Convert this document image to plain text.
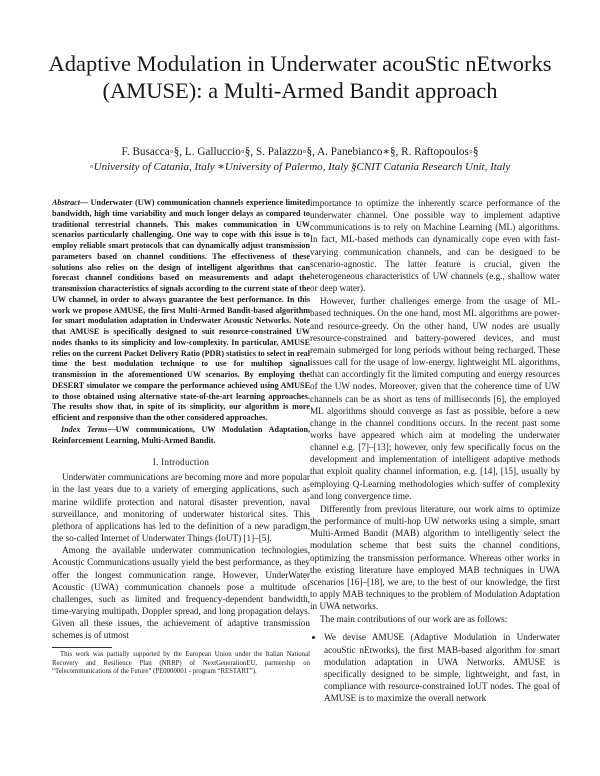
Adaptive Modulation in Underwater acouStic nEtworks (AMUSE): a Multi-Armed Bandit approach
F. Busacca◦§, L. Galluccio◦§, S. Palazzo◦§, A. Panebianco∗§, R. Raftopoulos◦§
◦University of Catania, Italy ∗University of Palermo, Italy §CNIT Catania Research Unit, Italy

Abstract— Underwater (UW) communication channels experience limited bandwidth, high time variability and much longer delays as compared to traditional terrestrial channels. This makes communication in UW scenarios particularly challenging. One way to cope with this issue is to employ reliable smart protocols that can dynamically adjust transmission parameters based on channel conditions. The effectiveness of these solutions also relies on the design of intelligent algorithms that can forecast channel conditions based on measurements and adapt the transmission characteristics of signals according to the current state of the UW channel, in order to always guarantee the best performance. In this work we propose AMUSE, the first Multi-Armed Bandit-based algorithm for smart modulation adaptation in Underwater Acoustic Networks. Note that AMUSE is specifically designed to suit resource-constrained UW nodes thanks to its simplicity and low-complexity. In particular, AMUSE relies on the current Packet Delivery Ratio (PDR) statistics to select in real time the best modulation technique to use for multihop signal transmission in the aforementioned UW scenarios. By employing the DESERT simulator we compare the performance achieved using AMUSE to those obtained using alternative state-of-the-art learning approaches. The results show that, in spite of its simplicity, our algorithm is more efficient and responsive than the other considered approaches.

Index Terms—UW communications, UW Modulation Adaptation, Reinforcement Learning, Multi-Armed Bandit.

I. Introduction

Underwater communications are becoming more and more popular in the last years due to a variety of emerging applications, such as marine wildlife protection and natural disaster prevention, naval surveillance, and monitoring of underwater historical sites. This plethora of applications has led to the definition of a new paradigm, the so-called Internet of Underwater Things (IoUT) [1]–[5].

Among the available underwater communication technologies, Acoustic Communications usually yield the best performance, as they offer the longest communication range. However, UnderWater Acoustic (UWA) communication channels pose a multitude of challenges, such as limited and frequency-dependent bandwidth, time-varying multipath, Doppler spread, and long propagation delays. Given all these issues, the achievement of adaptive transmission schemes is of utmost

This work was partially supported by the European Union under the Italian National Recovery and Resilience Plan (NRRP) of NextGenerationEU, partnership on “Telecommunications of the Future” (PE0000001 - program “RESTART”).

importance to optimize the inherently scarce performance of the underwater channel. One possible way to implement adaptive communications is to rely on Machine Learning (ML) algorithms. In fact, ML-based methods can dynamically cope even with fast-varying communication channels, and can be designed to be scenario-agnostic. The latter feature is crucial, given the heterogeneous characteristics of UW channels (e.g., shallow water or deep water).

However, further challenges emerge from the usage of ML-based techniques. On the one hand, most ML algorithms are power-and resource-greedy. On the other hand, UW nodes are usually resource-constrained and battery-powered devices, and must remain submerged for long periods without being recharged. These issues call for the usage of low-energy, lightweight ML algorithms, that can accordingly fit the limited computing and energy resources of the UW nodes. Moreover, given that the coherence time of UW channels can be as short as tens of milliseconds [6], the employed ML algorithms should converge as fast as possible, before a new change in the channel conditions occurs. In the recent past some works have appeared which aim at modeling the underwater channel e.g. [7]–[13]; however, only few specifically focus on the development and implementation of intelligent adaptive methods that exploit quality channel information, e.g. [14], [15], usually by employing Q-Learning methodologies which suffer of complexity and long convergence time.

Differently from previous literature, our work aims to optimize the performance of multi-hop UW networks using a simple, smart Multi-Armed Bandit (MAB) algorithm to intelligently select the modulation scheme that best suits the channel conditions, optimizing the transmission performance. Whereas other works in the existing literature have employed MAB techniques in UWA scenarios [16]–[18], we are, to the best of our knowledge, the first to apply MAB techniques to the problem of Modulation Adaptation in UWA networks.

The main contributions of our work are as follows:

• We devise AMUSE (Adaptive Modulation in Underwater acouStic nEtworks), the first MAB-based algorithm for smart modulation adaptation in UWA Networks. AMUSE is specifically designed to be simple, lightweight, and fast, in compliance with resource-constrained IoUT nodes. The goal of AMUSE is to maximize the overall network
